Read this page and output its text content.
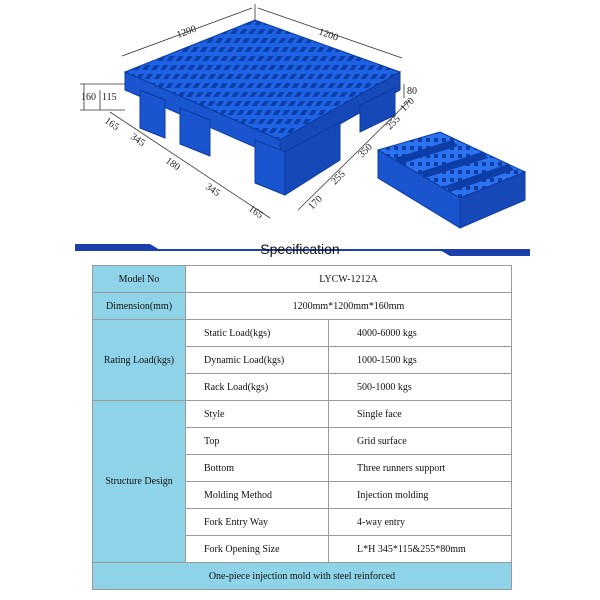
1200	1200
160 115
80
165
345
180
345
165
170
255
350
255
170
Specification
Model No	LYCW-1212A	
Dimension(mm)	1200mm*1200mm*160mm	
Rating Load(kgs)	Static Load(kgs)	4000-6000 kgs
	Dynamic Load(kgs)	1000-1500 kgs
	Rack Load(kgs)	500-1000 kgs
Structure Design	Style	Single face
	Top	Grid surface
	Bottom	Three runners support
	Molding Method	Injection molding
	Fork Entry Way	4-way entry
	Fork Opening Size	L*H 345*115&255*80mm
One-piece injection mold with steel reinforced		
